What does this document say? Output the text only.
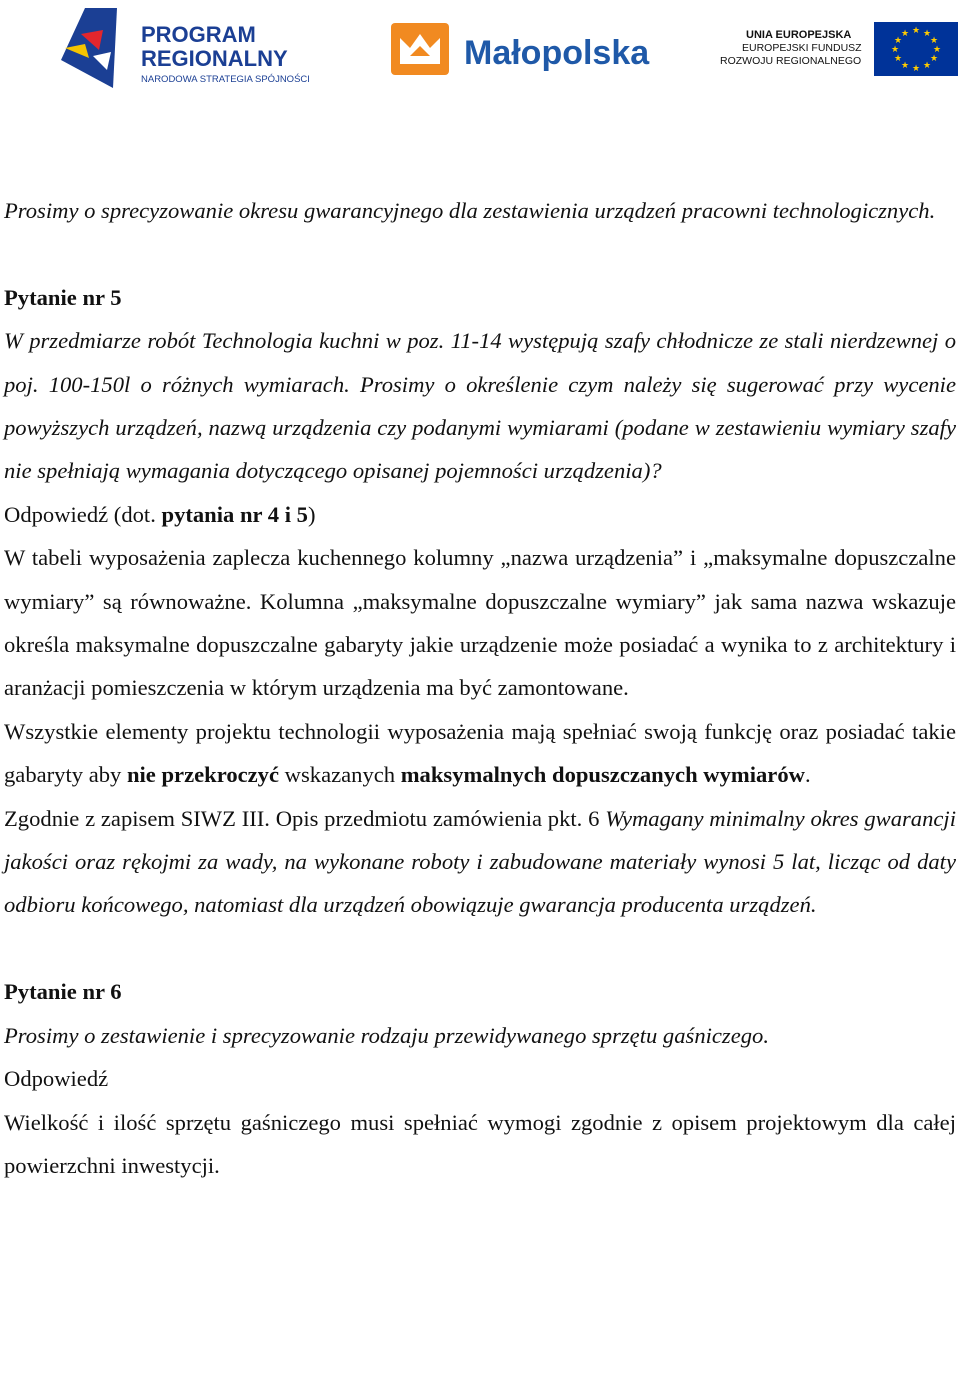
PROGRAM
REGIONALNY
NARODOWA STRATEGIA SPÓJNOŚCI
Małopolska	UNIA EUROPEJSKA
EUROPEJSKI FUNDUSZ
ROZWOJU REGIONALNEGO
★ ★
★
★
★
★
★
★
★
★
★
★

Prosimy o sprecyzowanie okresu gwarancyjnego dla zestawienia urządzeń pracowni technologicznych.

Pytanie nr 5

W przedmiarze robót Technologia kuchni w poz. 11-14 występują szafy chłodnicze ze stali nierdzewnej o poj. 100-150l o różnych wymiarach. Prosimy o określenie czym należy się sugerować przy wycenie powyższych urządzeń, nazwą urządzenia czy podanymi wymiarami (podane w zestawieniu wymiary szafy nie spełniają wymagania dotyczącego opisanej pojemności urządzenia)?

Odpowiedź (dot. pytania nr 4 i 5)

W tabeli wyposażenia zaplecza kuchennego kolumny „nazwa urządzenia” i „maksymalne dopuszczalne wymiary” są równoważne. Kolumna „maksymalne dopuszczalne wymiary” jak sama nazwa wskazuje określa maksymalne dopuszczalne gabaryty jakie urządzenie może posiadać a wynika to z architektury i aranżacji pomieszczenia w którym urządzenia ma być zamontowane.

Wszystkie elementy projektu technologii wyposażenia mają spełniać swoją funkcję oraz posiadać takie gabaryty aby nie przekroczyć wskazanych maksymalnych dopuszczanych wymiarów.

Zgodnie z zapisem SIWZ III. Opis przedmiotu zamówienia pkt. 6 Wymagany minimalny okres gwarancji jakości oraz rękojmi za wady, na wykonane roboty i zabudowane materiały wynosi 5 lat, licząc od daty odbioru końcowego, natomiast dla urządzeń obowiązuje gwarancja producenta urządzeń.

Pytanie nr 6

Prosimy o zestawienie i sprecyzowanie rodzaju przewidywanego sprzętu gaśniczego.

Odpowiedź

Wielkość i ilość sprzętu gaśniczego musi spełniać wymogi zgodnie z opisem projektowym dla całej powierzchni inwestycji.
